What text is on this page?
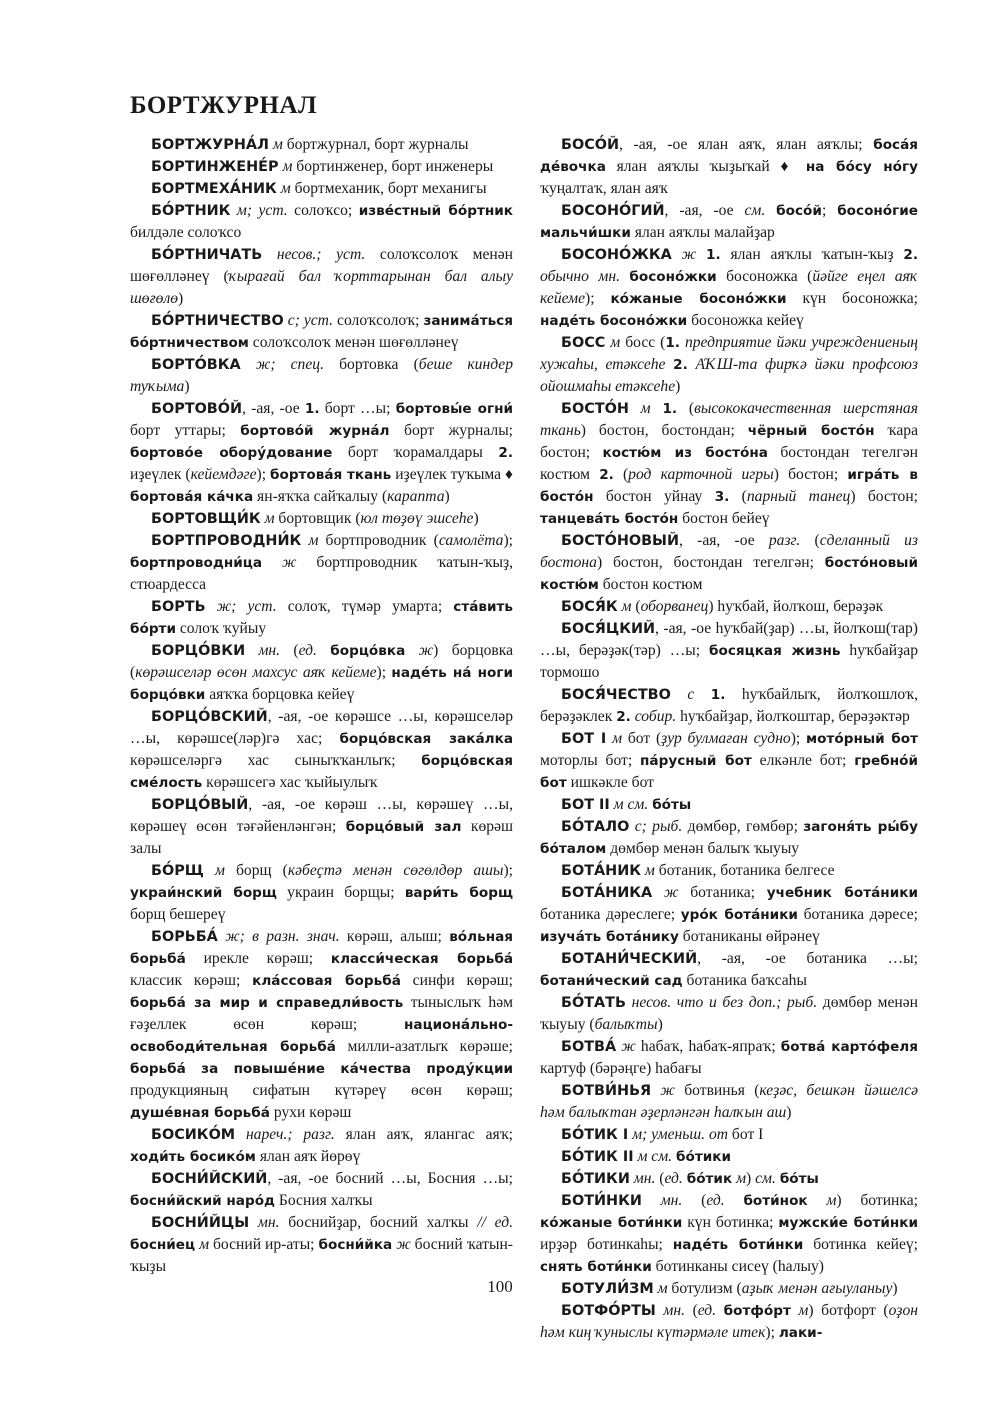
БОРТЖУРНАЛ

БОРТЖУРНА́Л м бортжурнал, борт журналы

БОРТИНЖЕНЕ́Р м бортинженер, борт инженеры

БОРТМЕХА́НИК м бортмеханик, борт механигы

БО́РТНИК м; уст. солоҡсо; изве́стный бо́ртник билдәле солоҡсо

БО́РТНИЧАТЬ несов.; уст. солоҡсолоҡ менән шөғөлләнеү (ҡырағай бал ҡорттарынан бал алыу шөғөлө)

БО́РТНИЧЕСТВО с; уст. солоҡсолоҡ; занима́ться бо́ртничеством солоҡсолоҡ менән шөғөлләнеү

БОРТО́ВКА ж; спец. бортовка (беше киндер туҡыма)

БОРТОВО́Й, -ая, -ое 1. борт …ы; бортовы́е огни́ борт уттары; бортово́й журна́л борт журналы; бортово́е обору́дование борт ҡорамалдары 2. иҙеүлек (кейемдәге); бортова́я ткань иҙеүлек туҡыма ♦ бортова́я ка́чка ян-яҡҡа сайҡалыу (карапта)

БОРТОВЩИ́К м бортовщик (юл төҙөү эшсеһе)

БОРТПРОВОДНИ́К м бортпроводник (самолёта); бортпроводни́ца ж бортпроводник ҡатын-ҡыҙ, стюардесса

БОРТЬ ж; уст. солоҡ, түмәр умарта; ста́вить бо́рти солоҡ ҡуйыу

БОРЦО́ВКИ мн. (ед. борцо́вка ж) борцовка (көрәшселәр өсөн махсус аяҡ кейеме); наде́ть на́ ноги борцо́вки аяҡҡа борцовка кейеү

БОРЦО́ВСКИЙ, -ая, -ое көрәшсе …ы, көрәшселәр …ы, көрәшсе(ләр)гә хас; борцо́вская зака́лка көрәшселәргә хас сыныҡҡанлыҡ; борцо́вская сме́лость көрәшсегә хас ҡыйыулыҡ

БОРЦО́ВЫЙ, -ая, -ое көрәш …ы, көрәшеү …ы, көрәшеү өсөн тәғәйенләнгән; борцо́вый зал көрәш залы

БО́РЩ м борщ (кәбеҫтә менән сөгөлдөр ашы); украи́нский борщ украин борщы; вари́ть борщ борщ бешереү

БОРЬБА́ ж; в разн. знач. көрәш, алыш; во́льная борьба́ ирекле көрәш; класси́ческая борьба́ классик көрәш; кла́ссовая борьба́ синфи көрәш; борьба́ за мир и справедли́вость тыныслыҡ һәм ғәҙеллек өсөн көрәш; национа́льно-освободи́тельная борьба́ милли-азатлыҡ көрәше; борьба́ за повыше́ние ка́чества проду́кции продукцияның сифатын күтәреү өсөн көрәш; душе́вная борьба́ рухи көрәш

БОСИКО́М нареч.; разг. ялан аяҡ, ялангас аяҡ; ходи́ть босико́м ялан аяҡ йөрөү

БОСНИ́ЙСКИЙ, -ая, -ое босний …ы, Босния …ы; босни́йский наро́д Босния халҡы

БОСНИ́ЙЦЫ мн. боснийҙар, босний халҡы // ед. босни́ец м босний ир-аты; босни́йка ж босний ҡатын-ҡыҙы

БОСО́Й, -ая, -ое ялан аяҡ, ялан аяҡлы; боса́я де́вочка ялан аяҡлы ҡыҙыҡай ♦ на бо́су но́гу ҡуңалтаҡ, ялан аяҡ

БОСОНО́ГИЙ, -ая, -ое см. босо́й; босоно́гие мальчи́шки ялан аяҡлы малайҙар

БОСОНО́ЖКА ж 1. ялан аяҡлы ҡатын-ҡыҙ 2. обычно мн. босоно́жки босоножка (йәйге еңел аяҡ кейеме); ко́жаные босоно́жки күн босоножка; наде́ть босоно́жки босоножка кейеү

БОСС м босс (1. предприятие йәки учреждениеның хужаһы, етәксеһе 2. АҠШ-та фирҡә йәки профсоюз ойошмаһы етәксеһе)

БОСТО́Н м 1. (высококачественная шерстяная ткань) бостон, бостондан; чёрный босто́н ҡара бостон; костю́м из босто́на бостондан тегелгән костюм 2. (род карточной игры) бостон; игра́ть в босто́н бостон уйнау 3. (парный танец) бостон; танцева́ть босто́н бостон бейеү

БОСТО́НОВЫЙ, -ая, -ое разг. (сделанный из бостона) бостон, бостондан тегелгән; босто́новый костю́м бостон костюм

БОСЯ́К м (оборванец) һуҡбай, йолҡош, берәҙәк

БОСЯ́ЦКИЙ, -ая, -ое һуҡбай(ҙар) …ы, йолҡош(тар) …ы, берәҙәк(тәр) …ы; босяцкая жизнь һуҡбайҙар тормошо

БОСЯ́ЧЕСТВО с 1. һуҡбайлыҡ, йолҡошлоҡ, берәҙәклек 2. собир. һуҡбайҙар, йолҡоштар, берәҙәктәр

БОТ I м бот (ҙур булмаған судно); мото́рный бот моторлы бот; па́русный бот елкәнле бот; гребно́й бот ишкәкле бот

БОТ II м см. бо́ты

БО́ТАЛО с; рыб. дөмбөр, гөмбөр; загоня́ть ры́бу бо́талом дөмбөр менән балыҡ ҡыуыу

БОТА́НИК м ботаник, ботаника белгесе

БОТА́НИКА ж ботаника; учебник бота́ники ботаника дәреслеге; уро́к бота́ники ботаника дәресе; изуча́ть бота́нику ботаниканы өйрәнеү

БОТАНИ́ЧЕСКИЙ, -ая, -ое ботаника …ы; ботани́ческий сад ботаника баҡсаһы

БО́ТАТЬ несов. что и без доп.; рыб. дөмбөр менән ҡыуыу (балыҡты)

БОТВА́ ж һабаҡ, һабаҡ-япраҡ; ботва́ карто́феля картуф (бәрәңге) һабағы

БОТВИ́НЬЯ ж ботвинья (кеҙәс, бешкән йәшелсә һәм балыҡтан әҙерләнгән һалҡын аш)

БО́ТИК I м; уменьш. от бот I

БО́ТИК II м см. бо́тики

БО́ТИКИ мн. (ед. бо́тик м) см. бо́ты

БОТИ́НКИ мн. (ед. боти́нок м) ботинка; ко́жаные боти́нки күн ботинка; мужски́е боти́нки ирҙәр ботинкаһы; наде́ть боти́нки ботинка кейеү; снять боти́нки ботинканы сисеү (һалыу)

БОТУЛИ́ЗМ м ботулизм (аҙыҡ менән ағыуланыу)

БОТФО́РТЫ мн. (ед. ботфо́рт м) ботфорт (оҙон һәм киң ҡуныслы күтәрмәле итек); лаки-

100
